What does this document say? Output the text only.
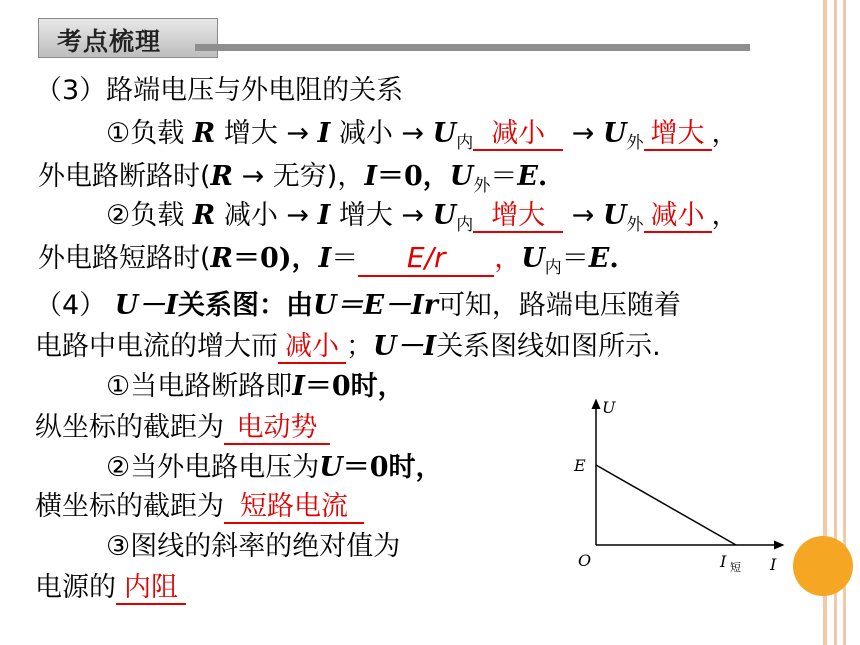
考点梳理
（3）路端电压与外电阻的关系
①负载 R 增大 → I 减小 → $U_内$ 减小 → $U_外$ 增大 ，
外电路断路时(R → 无穷)，I＝0，$U_外=E$.
②负载 R 减小 → I 增大 → $U_内$ 增大 → $U_外$ 减小 ，
外电路短路时(R＝0)，I＝ E/r ，$U_内=E$.
（4） U－I关系图：由U＝E－Ir可知，路端电压随着
电路中电流的增大而 减小 ；U－I关系图线如图所示.
①当电路断路即I＝0时，
纵坐标的截距为 电动势
②当外电路电压为U＝0时，
横坐标的截距为 短路电流
③图线的斜率的绝对值为
电源的 内阻
U
I
O
E
I 短
